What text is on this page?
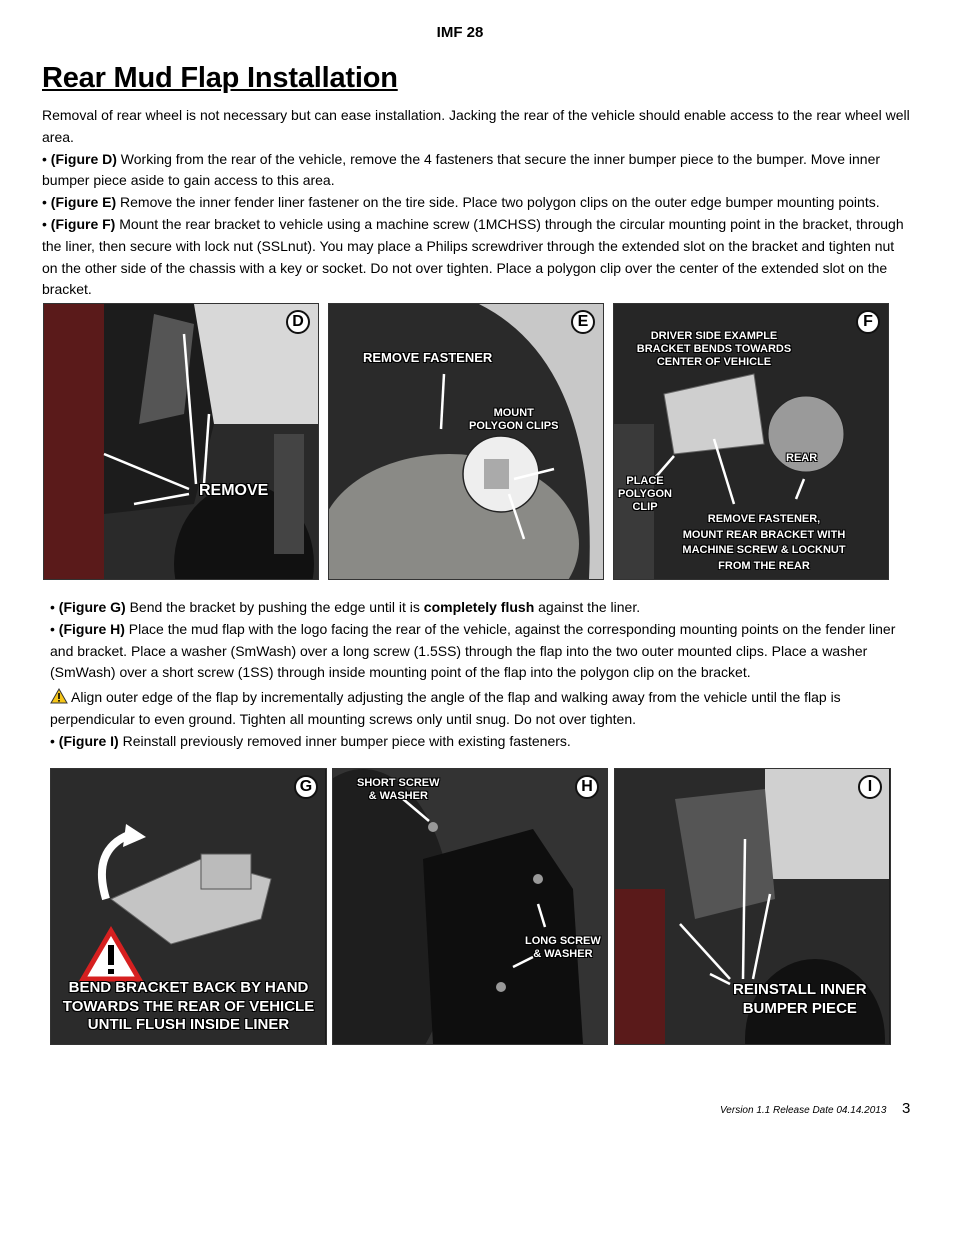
IMF 28
Rear Mud Flap Installation
Removal of rear wheel is not necessary but can ease installation. Jacking the rear of the vehicle should enable access to the rear wheel well area.
• (Figure D) Working from the rear of the vehicle, remove the 4 fasteners that secure the inner bumper piece to the bumper. Move inner bumper piece aside to gain access to this area.
• (Figure E) Remove the inner fender liner fastener on the tire side. Place two polygon clips on the outer edge bumper mounting points.
• (Figure F) Mount the rear bracket to vehicle using a machine screw (1MCHSS) through the circular mounting point in the bracket, through the liner, then secure with lock nut (SSLnut). You may place a Philips screwdriver through the extended slot on the bracket and tighten nut on the other side of the chassis with a key or socket. Do not over tighten. Place a polygon clip over the center of the extended slot on the bracket.
D
REMOVE
E
REMOVE FASTENER
MOUNT
POLYGON CLIPS
F
DRIVER SIDE EXAMPLE
BRACKET BENDS TOWARDS
CENTER OF VEHICLE
REAR
PLACE
POLYGON
CLIP
REMOVE FASTENER,
MOUNT REAR BRACKET WITH
MACHINE SCREW & LOCKNUT
FROM THE REAR
• (Figure G) Bend the bracket by pushing the edge until it is completely flush against the liner.
• (Figure H) Place the mud flap with the logo facing the rear of the vehicle, against the corresponding mounting points on the fender liner and bracket. Place a washer (SmWash) over a long screw (1.5SS) through the flap into the two outer mounted clips. Place a washer (SmWash) over a short screw (1SS) through inside mounting point of the flap into the polygon clip on the bracket.
Align outer edge of the flap by incrementally adjusting the angle of the flap and walking away from the vehicle until the flap is perpendicular to even ground. Tighten all mounting screws only until snug. Do not over tighten.
• (Figure I) Reinstall previously removed inner bumper piece with existing fasteners.
G
BEND BRACKET BACK BY HAND
TOWARDS THE REAR OF VEHICLE
UNTIL FLUSH INSIDE LINER
H
SHORT SCREW
& WASHER
LONG SCREW
& WASHER
I
REINSTALL INNER
BUMPER PIECE
Version 1.1 Release Date 04.14.2013 3
